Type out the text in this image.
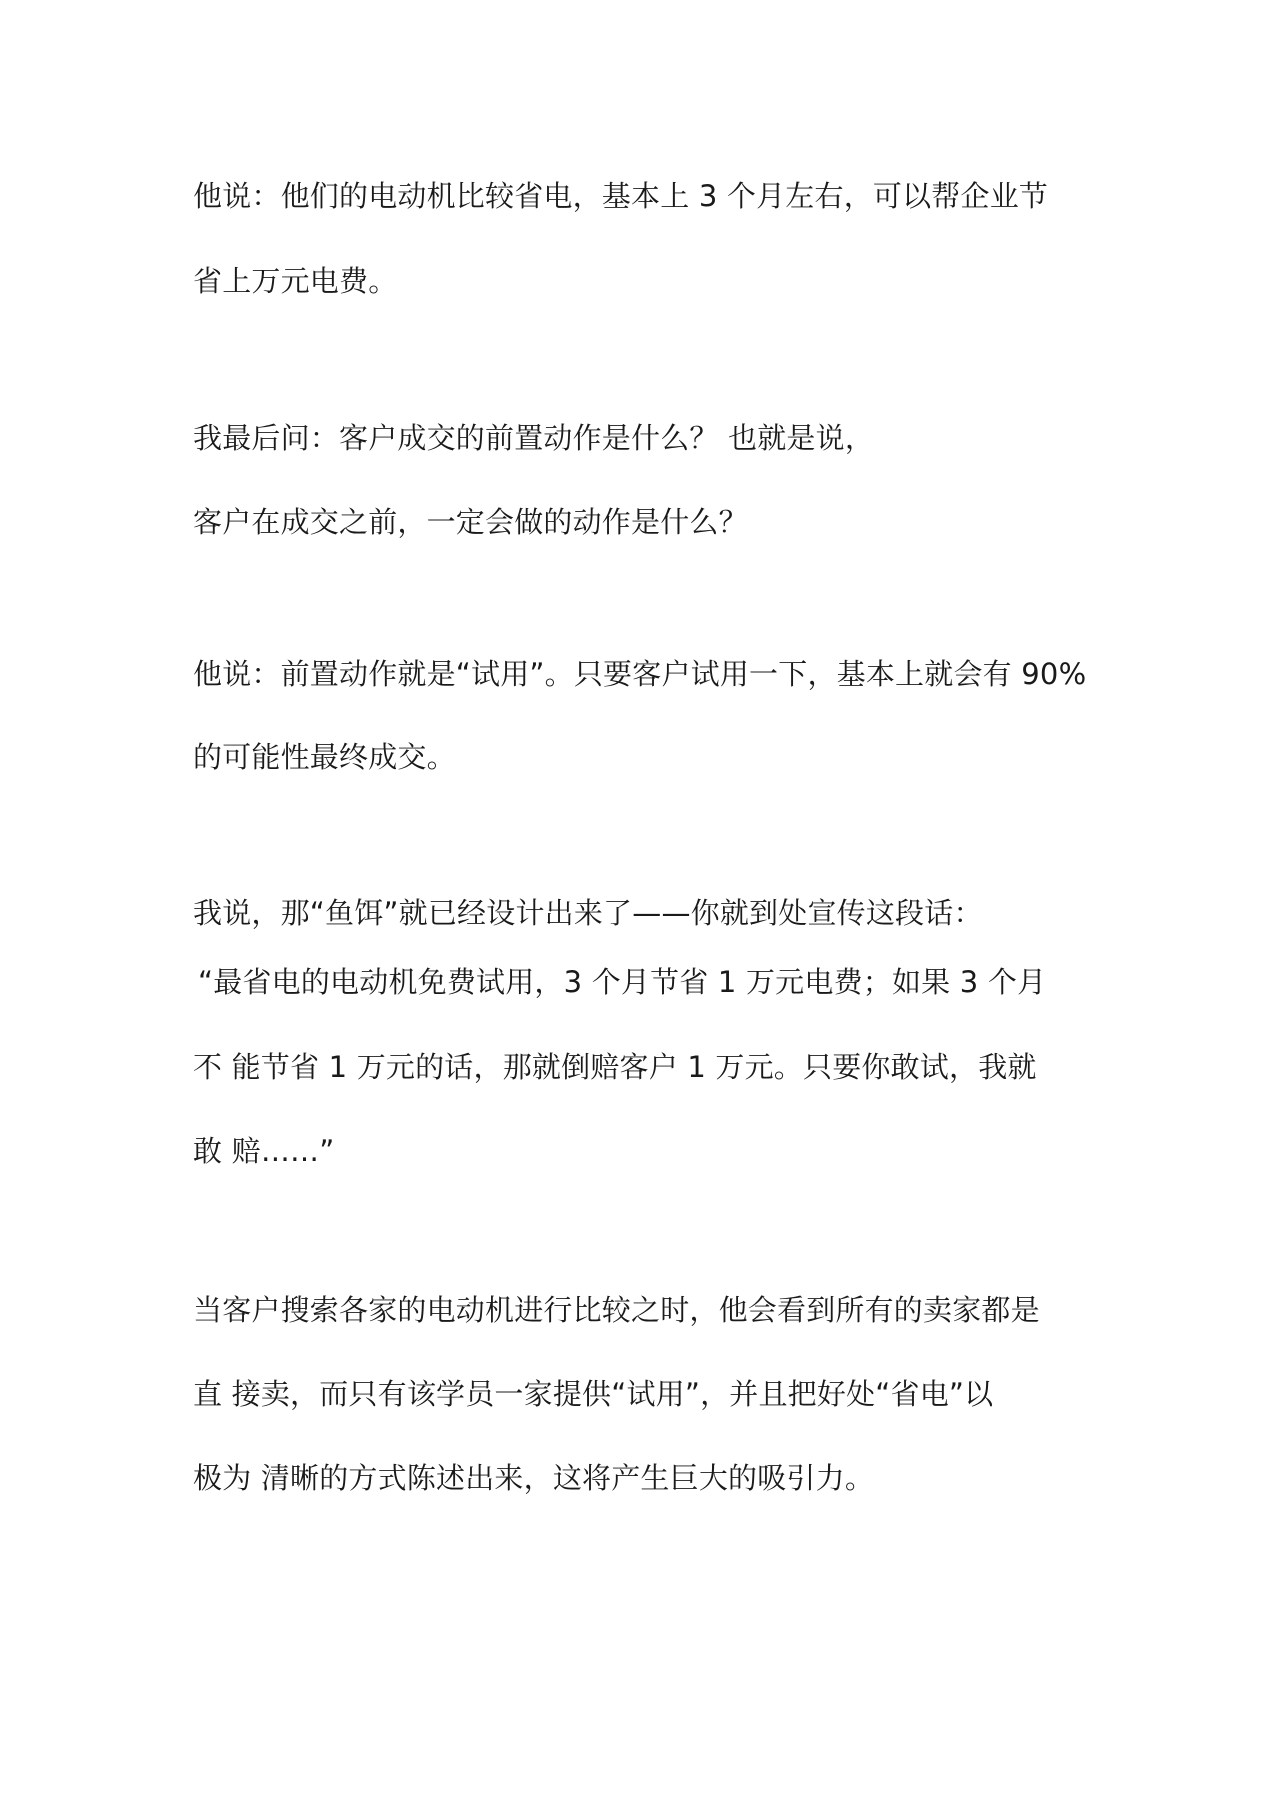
他说：他们的电动机比较省电，基本上 3 个月左右，可以帮企业节

省上万元电费。

我最后问：客户成交的前置动作是什么？ 也就是说，

客户在成交之前，一定会做的动作是什么？

他说：前置动作就是“试用”。只要客户试用一下，基本上就会有 90%

的可能性最终成交。

我说，那“鱼饵”就已经设计出来了——你就到处宣传这段话：

“最省电的电动机免费试用，3 个月节省 1 万元电费；如果 3 个月

不 能节省 1 万元的话，那就倒赔客户 1 万元。只要你敢试，我就

敢 赔……”

当客户搜索各家的电动机进行比较之时，他会看到所有的卖家都是

直 接卖，而只有该学员一家提供“试用”，并且把好处“省电”以

极为 清晰的方式陈述出来，这将产生巨大的吸引力。
